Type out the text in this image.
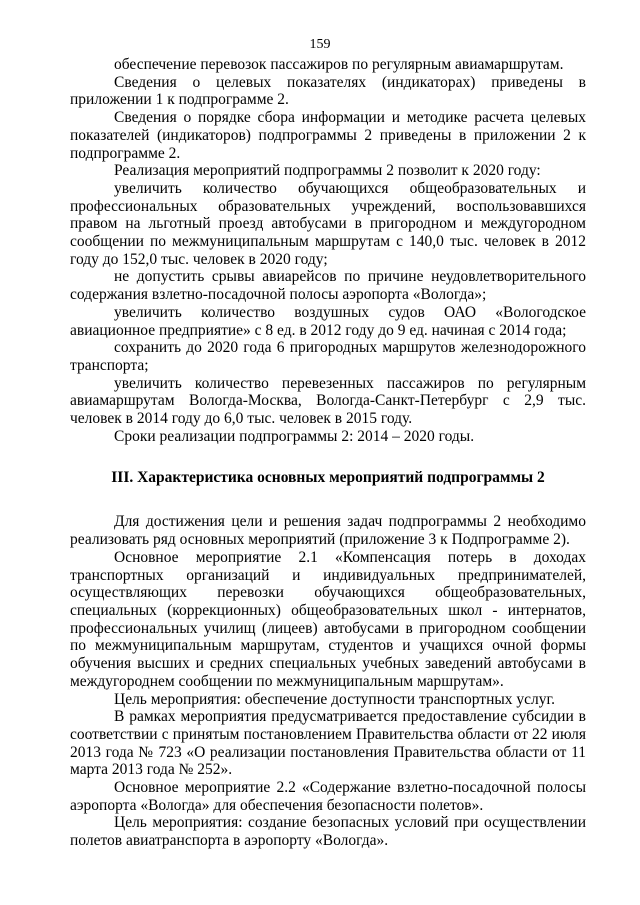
159

обеспечение перевозок пассажиров по регулярным авиамаршрутам.

Сведения о целевых показателях (индикаторах) приведены в приложении 1 к подпрограмме 2.

Сведения о порядке сбора информации и методике расчета целевых показателей (индикаторов) подпрограммы 2 приведены в приложении 2 к подпрограмме 2.

Реализация мероприятий подпрограммы 2 позволит к 2020 году:

увеличить количество обучающихся общеобразовательных и профессиональных образовательных учреждений, воспользовавшихся правом на льготный проезд автобусами в пригородном и междугородном сообщении по межмуниципальным маршрутам с 140,0 тыс. человек в 2012 году до 152,0 тыс. человек в 2020 году;

не допустить срывы авиарейсов по причине неудовлетворительного содержания взлетно-посадочной полосы аэропорта «Вологда»;

увеличить количество воздушных судов ОАО «Вологодское авиационное предприятие» с 8 ед. в 2012 году до 9 ед. начиная с 2014 года;

сохранить до 2020 года 6 пригородных маршрутов железнодорожного транспорта;

увеличить количество перевезенных пассажиров по регулярным авиамаршрутам Вологда-Москва, Вологда-Санкт-Петербург с 2,9 тыс. человек в 2014 году до 6,0 тыс. человек в 2015 году.

Сроки реализации подпрограммы 2: 2014 – 2020 годы.

III. Характеристика основных мероприятий подпрограммы 2

Для достижения цели и решения задач подпрограммы 2 необходимо реализовать ряд основных мероприятий (приложение 3 к Подпрограмме 2).

Основное мероприятие 2.1 «Компенсация потерь в доходах транспортных организаций и индивидуальных предпринимателей, осуществляющих перевозки обучающихся общеобразовательных, специальных (коррекционных) общеобразовательных школ - интернатов, профессиональных училищ (лицеев) автобусами в пригородном сообщении по межмуниципальным маршрутам, студентов и учащихся очной формы обучения высших и средних специальных учебных заведений автобусами в междугороднем сообщении по межмуниципальным маршрутам».

Цель мероприятия: обеспечение доступности транспортных услуг.

В рамках мероприятия предусматривается предоставление субсидии в соответствии с принятым постановлением Правительства области от 22 июля 2013 года № 723 «О реализации постановления Правительства области от 11 марта 2013 года № 252».

Основное мероприятие 2.2 «Содержание взлетно-посадочной полосы аэропорта «Вологда» для обеспечения безопасности полетов».

Цель мероприятия: создание безопасных условий при осуществлении полетов авиатранспорта в аэропорту «Вологда».
